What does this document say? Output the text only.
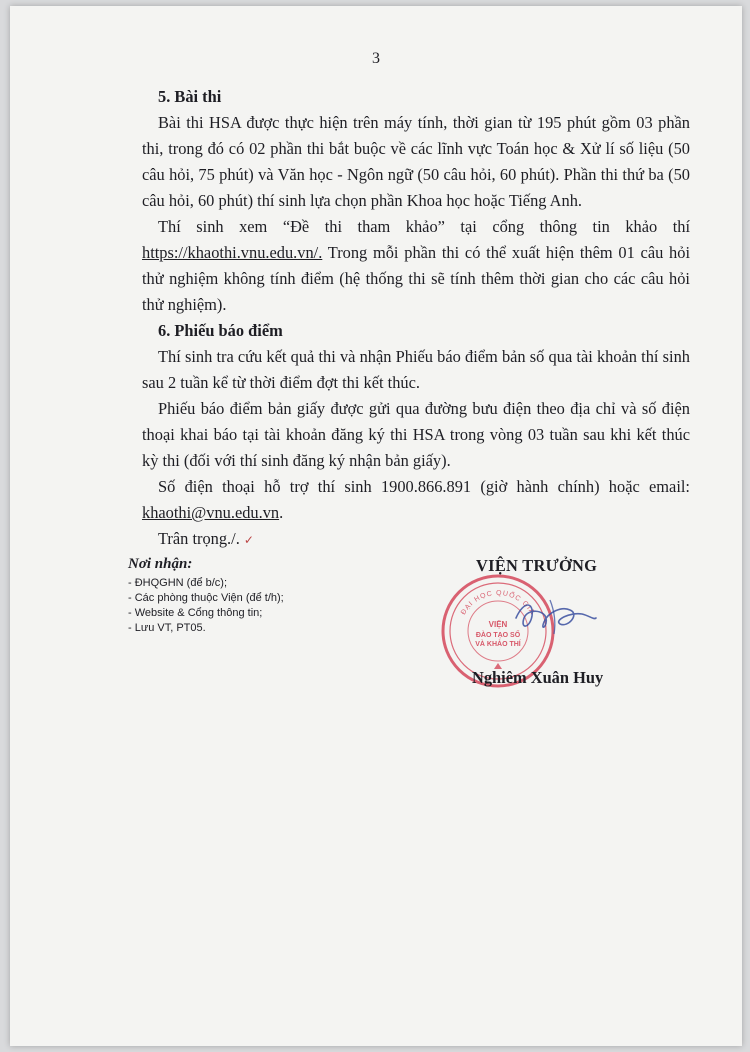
3

5. Bài thi

Bài thi HSA được thực hiện trên máy tính, thời gian từ 195 phút gồm 03 phần thi, trong đó có 02 phần thi bắt buộc về các lĩnh vực Toán học & Xử lí số liệu (50 câu hỏi, 75 phút) và Văn học - Ngôn ngữ (50 câu hỏi, 60 phút). Phần thi thứ ba (50 câu hỏi, 60 phút) thí sinh lựa chọn phần Khoa học hoặc Tiếng Anh.

Thí sinh xem “Đề thi tham khảo” tại cổng thông tin khảo thí https://khaothi.vnu.edu.vn/. Trong mỗi phần thi có thể xuất hiện thêm 01 câu hỏi thử nghiệm không tính điểm (hệ thống thi sẽ tính thêm thời gian cho các câu hỏi thử nghiệm).

6. Phiếu báo điểm

Thí sinh tra cứu kết quả thi và nhận Phiếu báo điểm bản số qua tài khoản thí sinh sau 2 tuần kể từ thời điểm đợt thi kết thúc.

Phiếu báo điểm bản giấy được gửi qua đường bưu điện theo địa chỉ và số điện thoại khai báo tại tài khoản đăng ký thi HSA trong vòng 03 tuần sau khi kết thúc kỳ thi (đối với thí sinh đăng ký nhận bản giấy).

Số điện thoại hỗ trợ thí sinh 1900.866.891 (giờ hành chính) hoặc email: khaothi@vnu.edu.vn.

Trân trọng./. ✓

Nơi nhận:
- ĐHQGHN (để b/c);
- Các phòng thuộc Viện (để t/h);
- Website & Cổng thông tin;
- Lưu VT, PT05.
VIỆN TRƯỞNG
ĐẠI HỌC QUỐC GIA
VIỆN
ĐÀO TẠO SỐ
VÀ KHẢO THÍ
Nghiêm Xuân Huy
